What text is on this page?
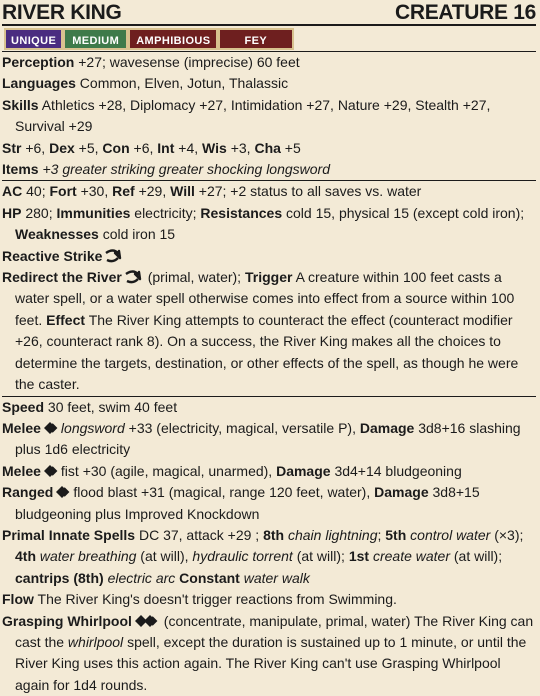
RIVER KING	CREATURE 16
UNIQUE	MEDIUM	AMPHIBIOUS	FEY

Perception +27; wavesense (imprecise) 60 feet

Languages Common, Elven, Jotun, Thalassic

Skills Athletics +28, Diplomacy +27, Intimidation +27, Nature +29, Stealth +27, Survival +29

Str +6, Dex +5, Con +6, Int +4, Wis +3, Cha +5

Items +3 greater striking greater shocking longsword

AC 40; Fort +30, Ref +29, Will +27; +2 status to all saves vs. water

HP 280; Immunities electricity; Resistances cold 15, physical 15 (except cold iron); Weaknesses cold iron 15

Reactive Strike

Redirect the River (primal, water); Trigger A creature within 100 feet casts a water spell, or a water spell otherwise comes into effect from a source within 100 feet. Effect The River King attempts to counteract the effect (counteract modifier +26, counteract rank 8). On a success, the River King makes all the choices to determine the targets, destination, or other effects of the spell, as though he were the caster.

Speed 30 feet, swim 40 feet

Melee longsword +33 (electricity, magical, versatile P), Damage 3d8+16 slashing plus 1d6 electricity

Melee fist +30 (agile, magical, unarmed), Damage 3d4+14 bludgeoning

Ranged flood blast +31 (magical, range 120 feet, water), Damage 3d8+15 bludgeoning plus Improved Knockdown

Primal Innate Spells DC 37, attack +29 ; 8th chain lightning; 5th control water (×3); 4th water breathing (at will), hydraulic torrent (at will); 1st create water (at will); cantrips (8th) electric arc Constant water walk

Flow The River King's doesn't trigger reactions from Swimming.

Grasping Whirlpool (concentrate, manipulate, primal, water) The River King can cast the whirlpool spell, except the duration is sustained up to 1 minute, or until the River King uses this action again. The River King can't use Grasping Whirlpool again for 1d4 rounds.
